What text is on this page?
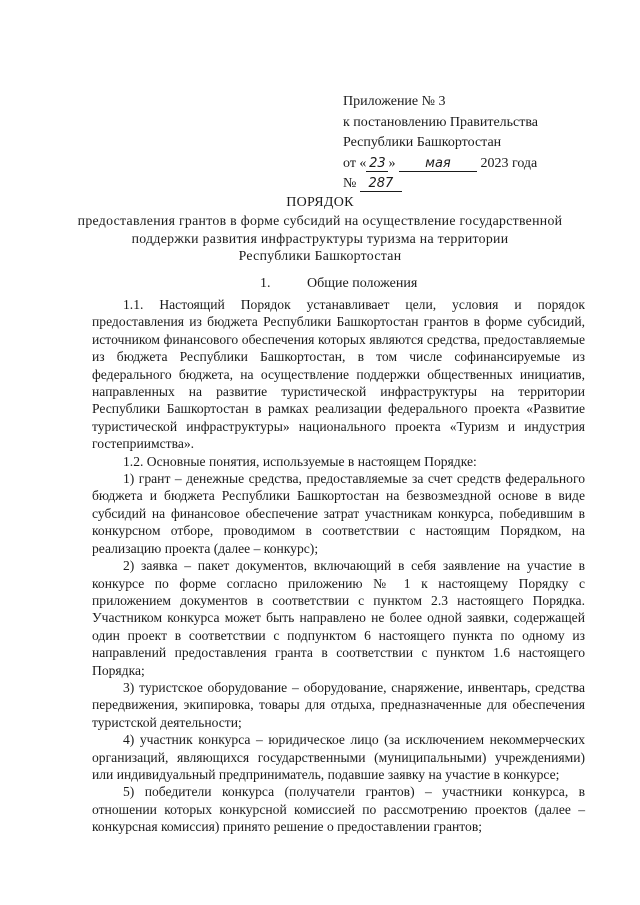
Приложение № 3
к постановлению Правительства
Республики Башкортостан
от « 23 » мая 2023 года
№ 287
ПОРЯДОК
предоставления грантов в форме субсидий на осуществление государственной
поддержки развития инфраструктуры туризма на территории
Республики Башкортостан
1.	Общие положения

1.1. Настоящий Порядок устанавливает цели, условия и порядок предоставления из бюджета Республики Башкортостан грантов в форме субсидий, источником финансового обеспечения которых являются средства, предоставляемые из бюджета Республики Башкортостан, в том числе софинансируемые из федерального бюджета, на осуществление поддержки общественных инициатив, направленных на развитие туристической инфраструктуры на территории Республики Башкортостан в рамках реализации федерального проекта «Развитие туристической инфраструктуры» национального проекта «Туризм и индустрия гостеприимства».

1.2. Основные понятия, используемые в настоящем Порядке:

1) грант – денежные средства, предоставляемые за счет средств федерального бюджета и бюджета Республики Башкортостан на безвозмездной основе в виде субсидий на финансовое обеспечение затрат участникам конкурса, победившим в конкурсном отборе, проводимом в соответствии с настоящим Порядком, на реализацию проекта (далее – конкурс);

2) заявка – пакет документов, включающий в себя заявление на участие в конкурсе по форме согласно приложению № 1 к настоящему Порядку с приложением документов в соответствии с пунктом 2.3 настоящего Порядка. Участником конкурса может быть направлено не более одной заявки, содержащей один проект в соответствии с подпунктом 6 настоящего пункта по одному из направлений предоставления гранта в соответствии с пунктом 1.6 настоящего Порядка;

3) туристское оборудование – оборудование, снаряжение, инвентарь, средства передвижения, экипировка, товары для отдыха, предназначенные для обеспечения туристской деятельности;

4) участник конкурса – юридическое лицо (за исключением некоммерческих организаций, являющихся государственными (муниципальными) учреждениями) или индивидуальный предприниматель, подавшие заявку на участие в конкурсе;

5) победители конкурса (получатели грантов) – участники конкурса, в отношении которых конкурсной комиссией по рассмотрению проектов (далее – конкурсная комиссия) принято решение о предоставлении грантов;
